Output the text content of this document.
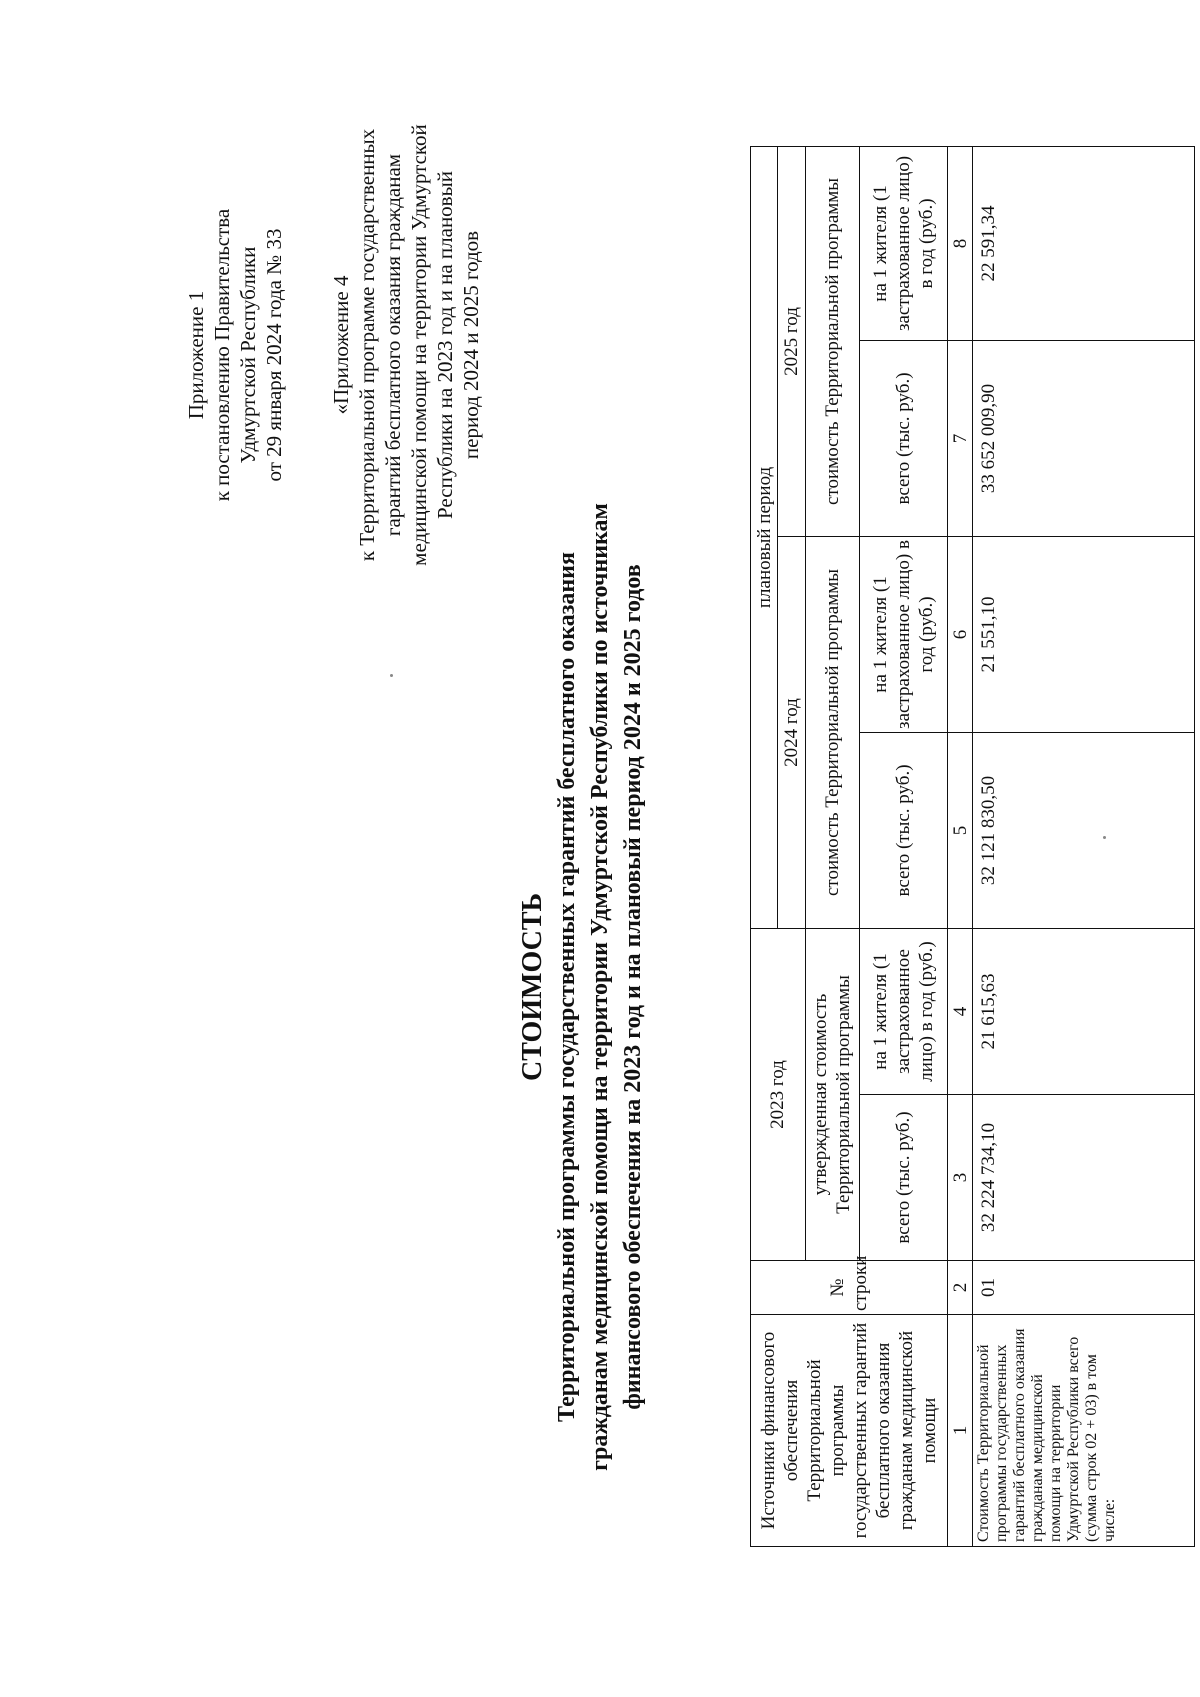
Приложение 1 к постановлению Правительства Удмуртской Республики от 29 января 2024 года № 33 «Приложение 4 к Территориальной программе государственных гарантий бесплатного оказания гражданам медицинской помощи на территории Удмуртской Республики на 2023 год и на плановый период 2024 и 2025 годов
СТОИМОСТЬ Территориальной программы государственных гарантий бесплатного оказания гражданам медицинской помощи на территории Удмуртской Республики по источникам финансового обеспечения на 2023 год и на плановый период 2024 и 2025 годов
Источники финансового обеспечения Территориальной программы государственных гарантий бесплатного оказания гражданам медицинской помощи	№ строки	2023 год		плановый период			
				2024 год		2025 год	
		утвержденная стоимость Территориальной программы		стоимость Территориальной программы		стоимость Территориальной программы	

		всего (тыс. руб.)	на 1 жителя (1 застрахованное лицо) в год (руб.)	всего (тыс. руб.)	на 1 жителя (1 застрахованное лицо) в год (руб.)	всего (тыс. руб.)	на 1 жителя (1 застрахованное лицо) в год (руб.)
1	2	3	4	5	6	7	8
Стоимость Территориальной программы государственных гарантий бесплатного оказания гражданам медицинской помощи на территории Удмуртской Республики всего (сумма строк 02 + 03) в том числе:	01	32 224 734,10	21 615,63	32 121 830,50	21 551,10	33 652 009,90	22 591,34
